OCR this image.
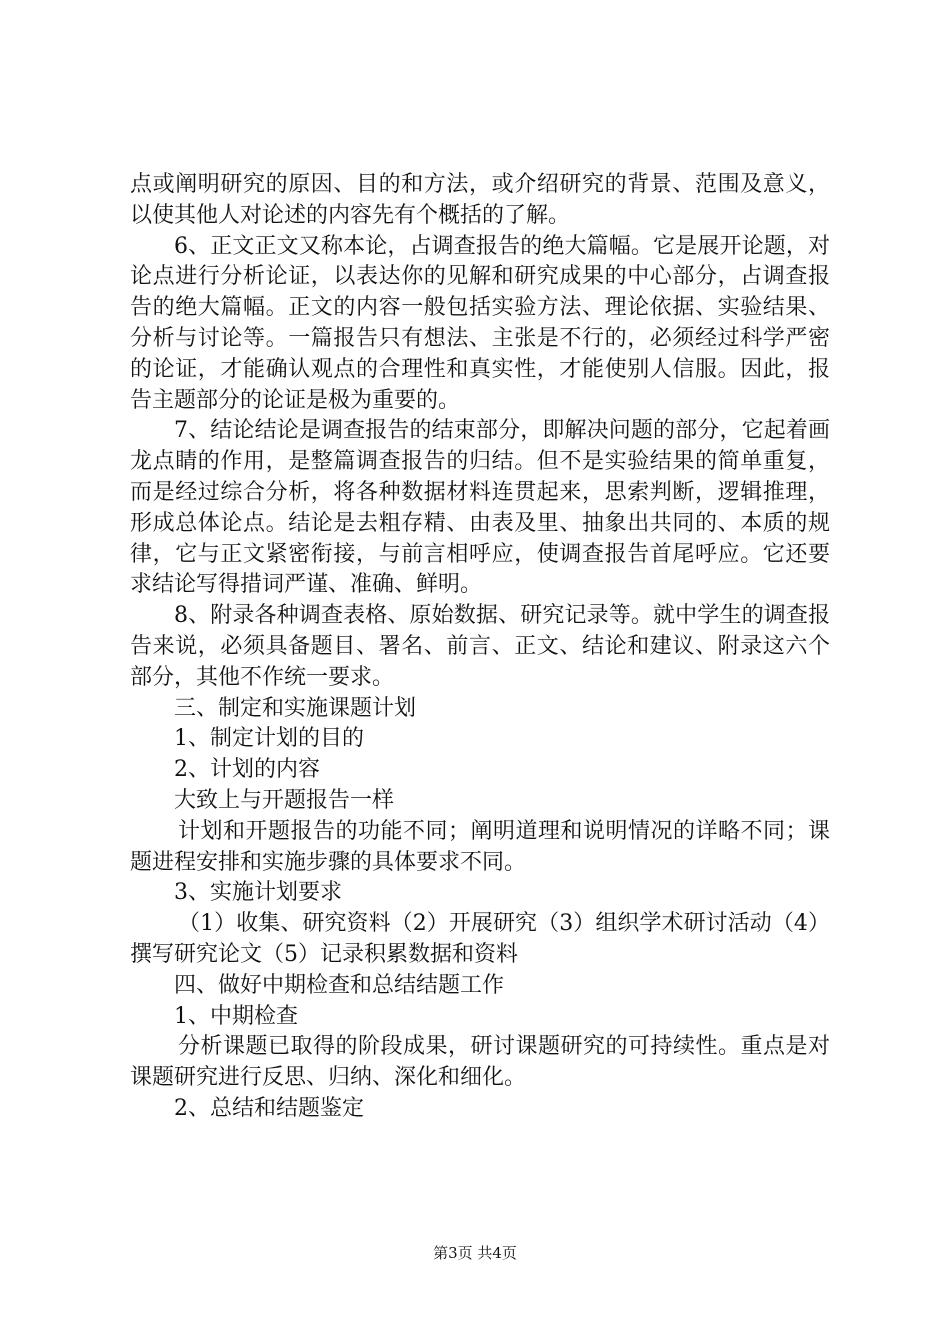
点或阐明研究的原因、目的和方法，或介绍研究的背景、范围及意义，以使其他人对论述的内容先有个概括的了解。

6、正文正文又称本论，占调查报告的绝大篇幅。它是展开论题，对论点进行分析论证，以表达你的见解和研究成果的中心部分，占调查报告的绝大篇幅。正文的内容一般包括实验方法、理论依据、实验结果、分析与讨论等。一篇报告只有想法、主张是不行的，必须经过科学严密的论证，才能确认观点的合理性和真实性，才能使别人信服。因此，报告主题部分的论证是极为重要的。

7、结论结论是调查报告的结束部分，即解决问题的部分，它起着画龙点睛的作用，是整篇调查报告的归结。但不是实验结果的简单重复，而是经过综合分析，将各种数据材料连贯起来，思索判断，逻辑推理，形成总体论点。结论是去粗存精、由表及里、抽象出共同的、本质的规律，它与正文紧密衔接，与前言相呼应，使调查报告首尾呼应。它还要求结论写得措词严谨、准确、鲜明。

8、附录各种调查表格、原始数据、研究记录等。就中学生的调查报告来说，必须具备题目、署名、前言、正文、结论和建议、附录这六个部分，其他不作统一要求。

三、制定和实施课题计划

1、制定计划的目的

2、计划的内容

大致上与开题报告一样

计划和开题报告的功能不同；阐明道理和说明情况的详略不同；课题进程安排和实施步骤的具体要求不同。

3、实施计划要求

（1）收集、研究资料（2）开展研究（3）组织学术研讨活动（4）撰写研究论文（5）记录积累数据和资料

四、做好中期检查和总结结题工作

1、中期检查

分析课题已取得的阶段成果，研讨课题研究的可持续性。重点是对课题研究进行反思、归纳、深化和细化。

2、总结和结题鉴定

第3页 共4页
